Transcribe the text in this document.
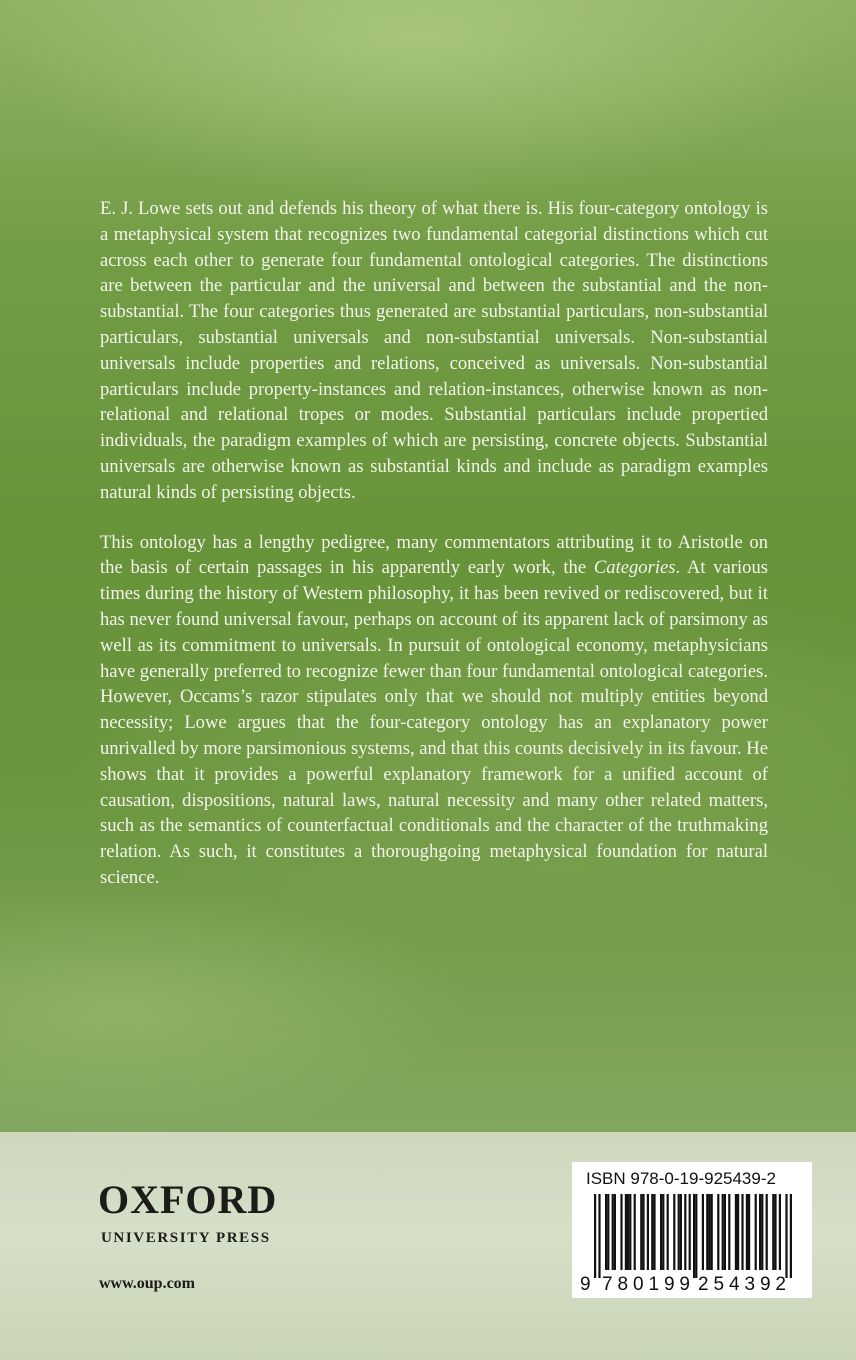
E. J. Lowe sets out and defends his theory of what there is. His four-category ontology is a metaphysical system that recognizes two fundamental categorial distinctions which cut across each other to generate four fundamental ontological categories. The distinctions are between the particular and the universal and between the substantial and the non-substantial. The four categories thus generated are substantial particulars, non-substantial particulars, substantial universals and non-substantial universals. Non-substantial universals include properties and relations, conceived as universals. Non-substantial particulars include property-instances and relation-instances, otherwise known as non-relational and relational tropes or modes. Substantial particulars include propertied individuals, the paradigm examples of which are persisting, concrete objects. Substantial universals are otherwise known as substantial kinds and include as paradigm examples natural kinds of persisting objects.

This ontology has a lengthy pedigree, many commentators attributing it to Aristotle on the basis of certain passages in his apparently early work, the Categories. At various times during the history of Western philosophy, it has been revived or rediscovered, but it has never found universal favour, perhaps on account of its apparent lack of parsimony as well as its commitment to universals. In pursuit of ontological economy, metaphysicians have generally preferred to recognize fewer than four fundamental ontological categories. However, Occams’s razor stipulates only that we should not multiply entities beyond necessity; Lowe argues that the four-category ontology has an explanatory power unrivalled by more parsimonious systems, and that this counts decisively in its favour. He shows that it provides a powerful explanatory framework for a unified account of causation, dispositions, natural laws, natural necessity and many other related matters, such as the semantics of counterfactual conditionals and the character of the truthmaking relation. As such, it constitutes a thoroughgoing metaphysical foundation for natural science.

OXFORD
UNIVERSITY PRESS
www.oup.com
ISBN 978-0-19-925439-2
9 780199 254392
